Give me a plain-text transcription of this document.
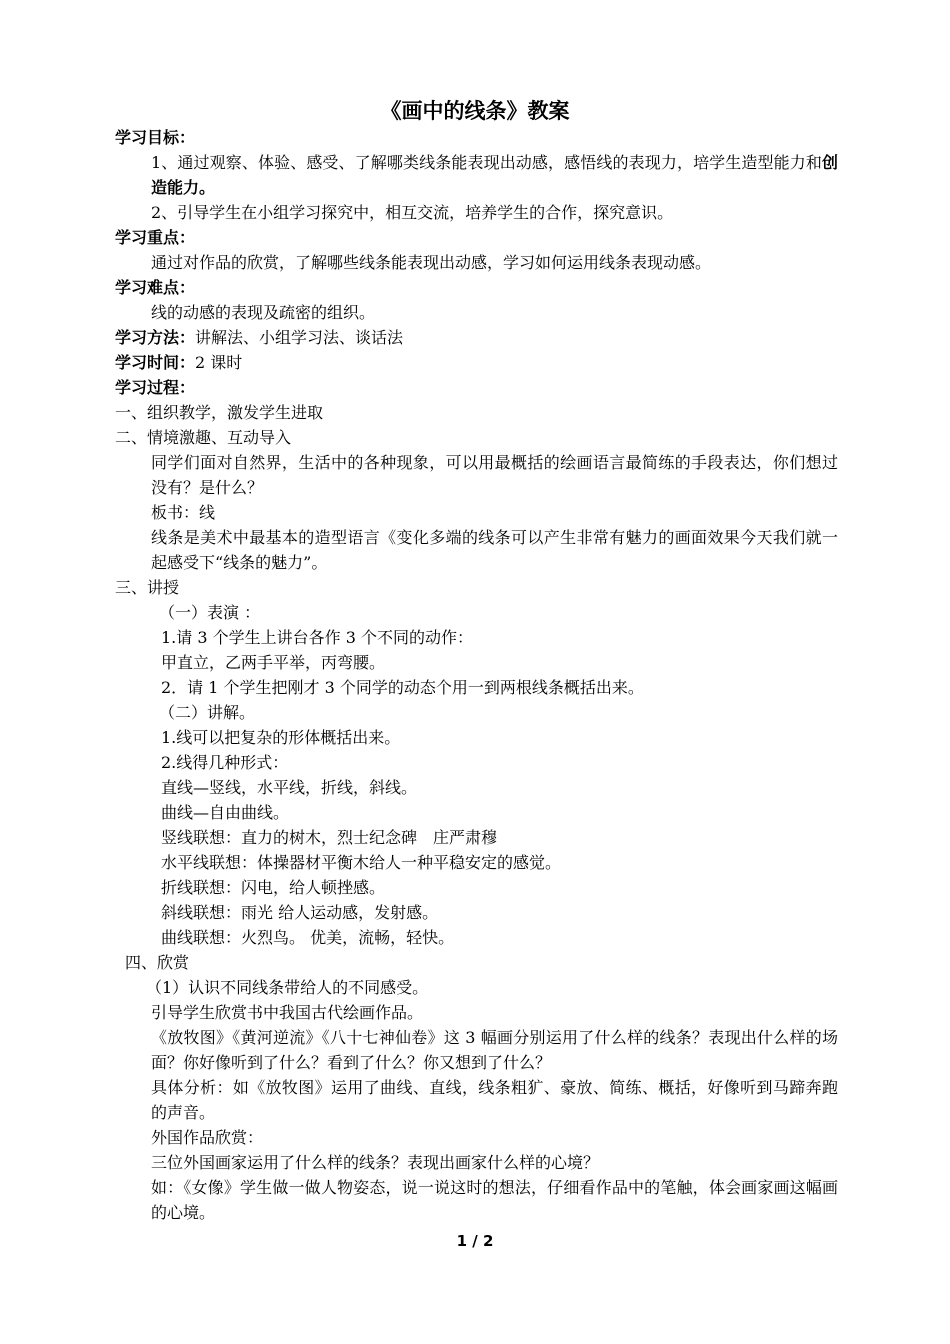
《画中的线条》教案

学习目标：

1、通过观察、体验、感受、了解哪类线条能表现出动感，感悟线的表现力，培学生造型能力和创造能力。

2、引导学生在小组学习探究中，相互交流，培养学生的合作，探究意识。

学习重点：

通过对作品的欣赏，了解哪些线条能表现出动感，学习如何运用线条表现动感。

学习难点：

线的动感的表现及疏密的组织。

学习方法：讲解法、小组学习法、谈话法

学习时间：2 课时

学习过程：

一、组织教学，激发学生进取

二、情境激趣、互动导入

同学们面对自然界，生活中的各种现象，可以用最概括的绘画语言最简练的手段表达，你们想过没有？是什么？

板书：线

线条是美术中最基本的造型语言《变化多端的线条可以产生非常有魅力的画面效果今天我们就一起感受下“线条的魅力”。

三、讲授

（一）表演 ：

1.请 3 个学生上讲台各作 3 个不同的动作：

甲直立，乙两手平举，丙弯腰。

2．请 1 个学生把刚才 3 个同学的动态个用一到两根线条概括出来。

（二）讲解。

1.线可以把复杂的形体概括出来。

2.线得几种形式：

直线—竖线，水平线，折线，斜线。

曲线—自由曲线。

竖线联想：直力的树木，烈士纪念碑　庄严肃穆

水平线联想：体操器材平衡木给人一种平稳安定的感觉。

折线联想：闪电，给人顿挫感。

斜线联想：雨光 给人运动感，发射感。

曲线联想：火烈鸟。 优美，流畅，轻快。

四、欣赏

（1）认识不同线条带给人的不同感受。

引导学生欣赏书中我国古代绘画作品。

《放牧图》《黄河逆流》《八十七神仙卷》这 3 幅画分别运用了什么样的线条？表现出什么样的场面？你好像听到了什么？看到了什么？你又想到了什么？

具体分析：如《放牧图》运用了曲线、直线，线条粗犷、豪放、简练、概括，好像听到马蹄奔跑的声音。

外国作品欣赏：

三位外国画家运用了什么样的线条？表现出画家什么样的心境？

如：《女像》学生做一做人物姿态，说一说这时的想法，仔细看作品中的笔触，体会画家画这幅画的心境。

1 / 2
